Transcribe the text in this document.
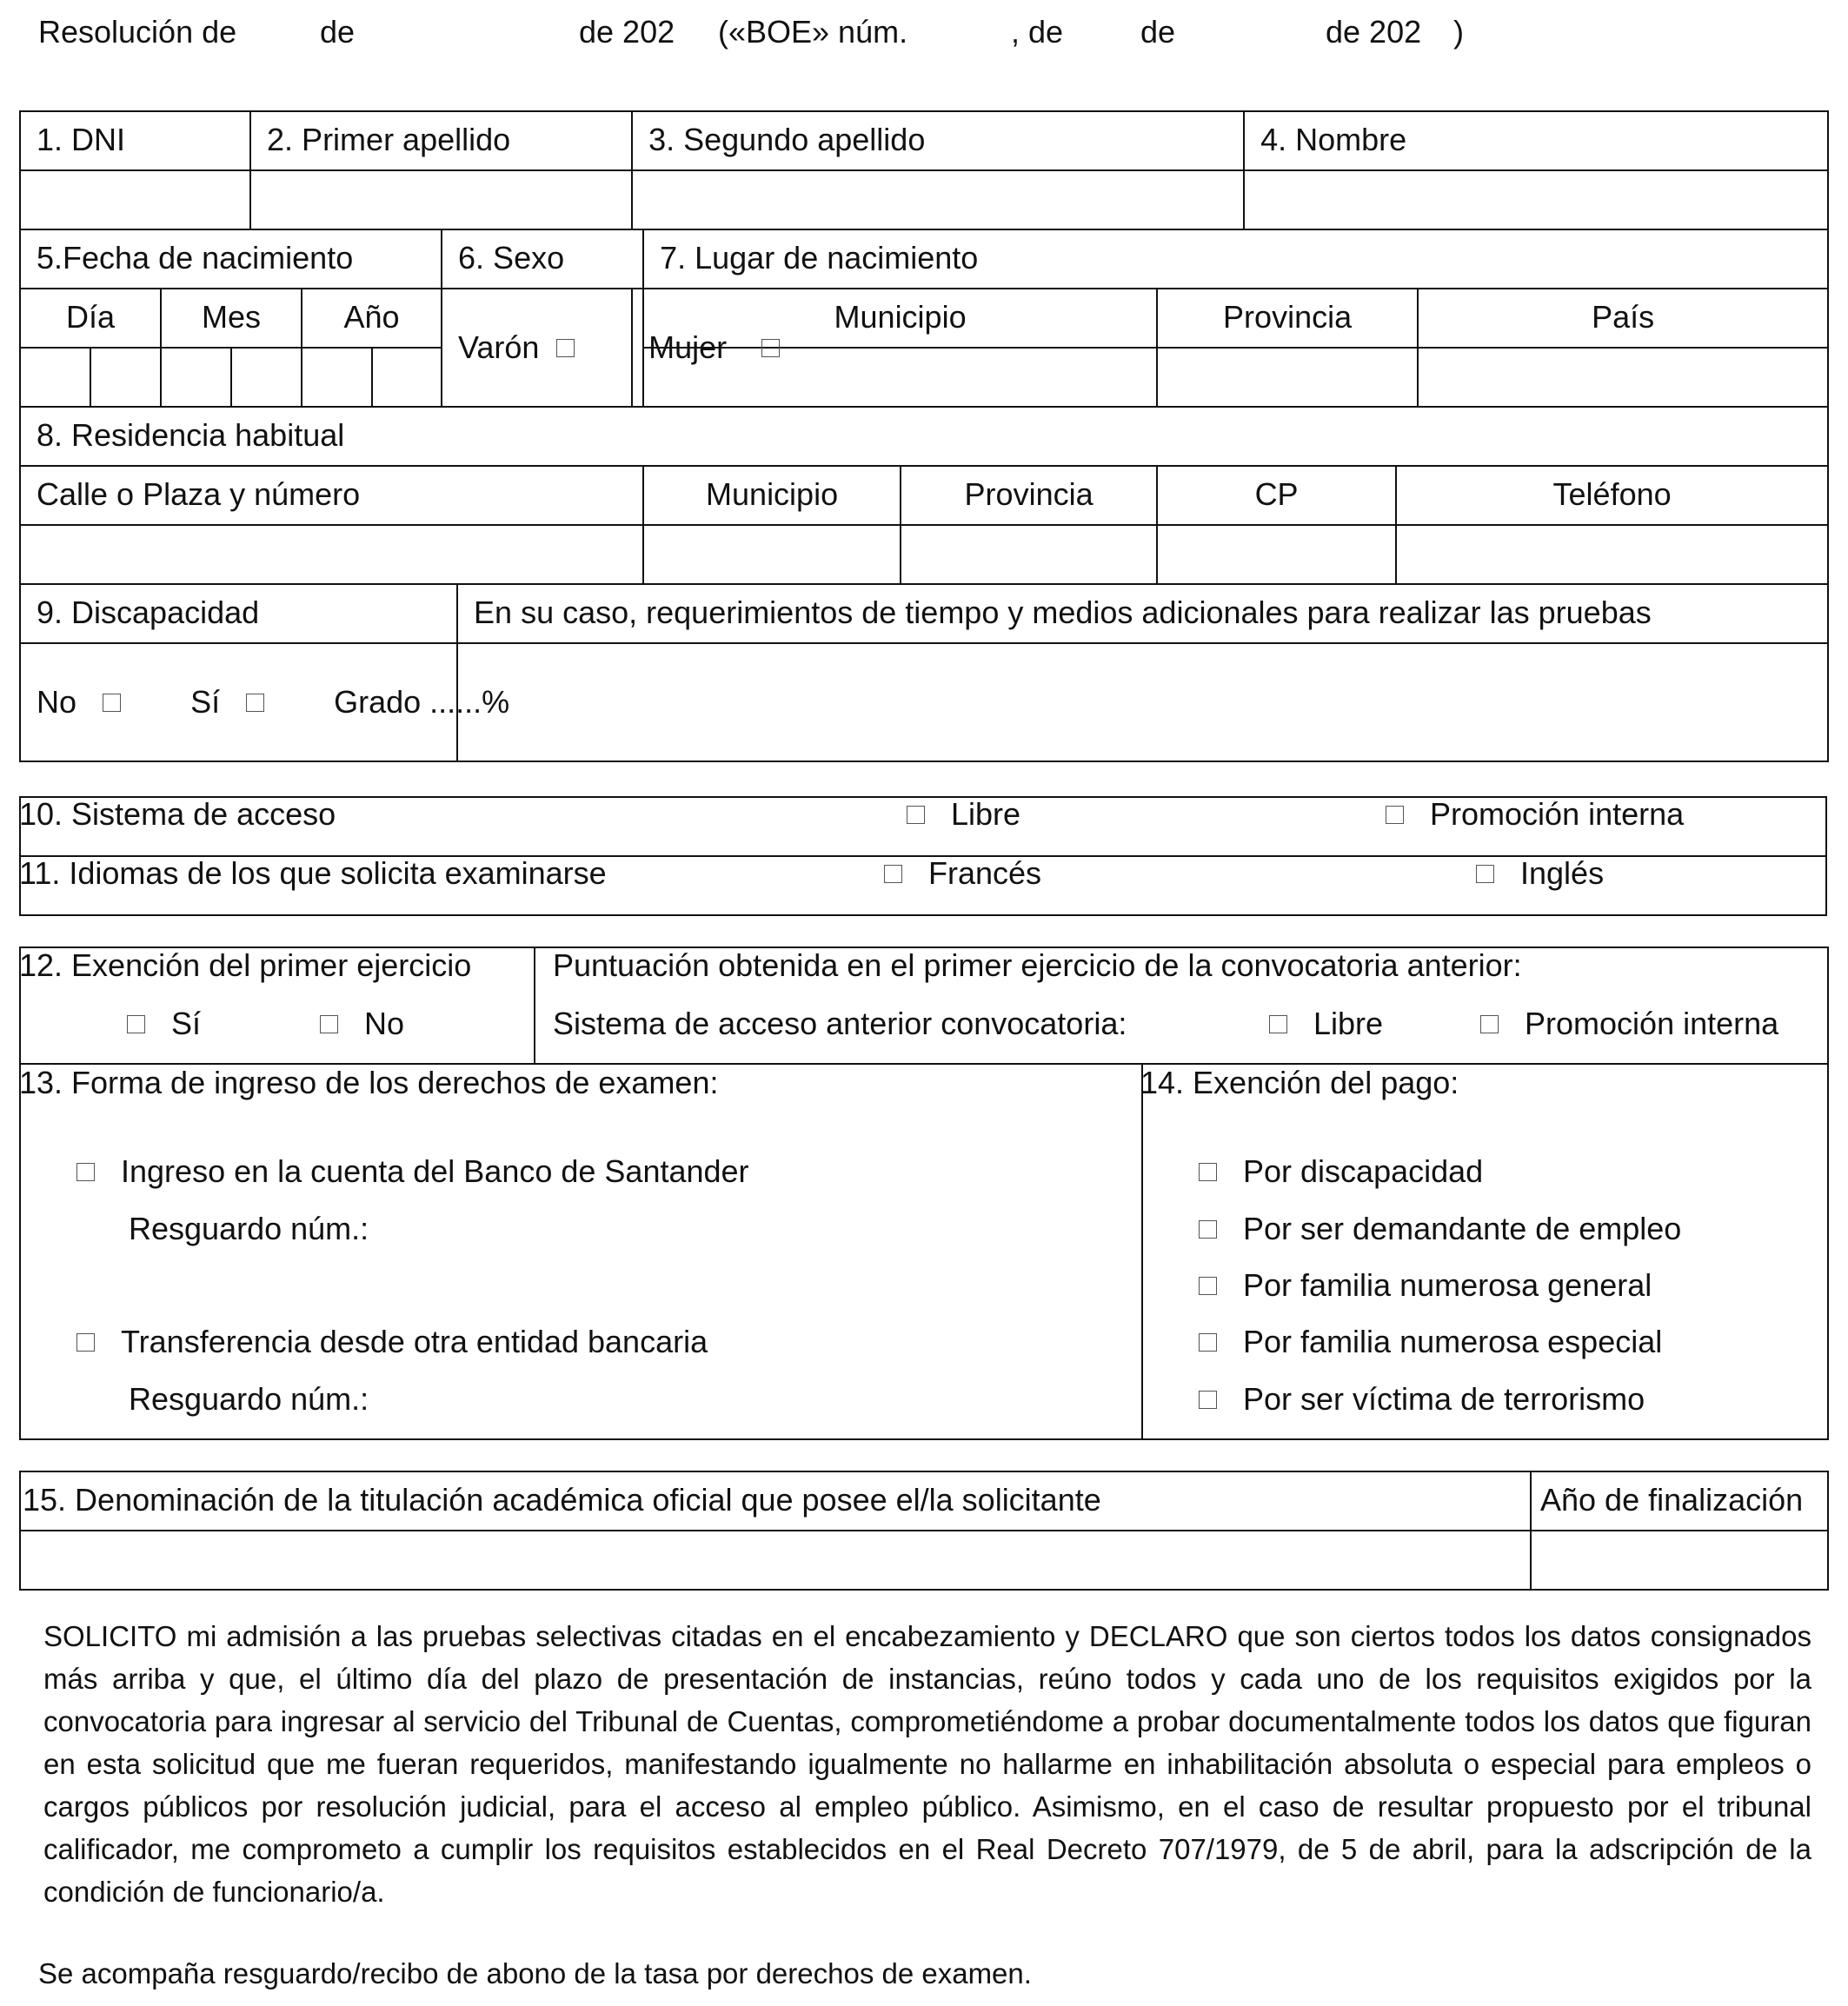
Resolución de	de	de 202 («BOE» núm.	, de de	de 202 )
1. DNI				2. Primer apellido					3. Segundo apellido				4. Nombre		

5.Fecha de nacimiento							6. Sexo			7. Lugar de nacimiento					
Día		Mes			Año		Varón		Mujer	Municipio		Provincia			País

8. Residencia habitual															
Calle o Plaza y número										Municipio	Provincia	CP		Teléfono	

9. Discapacidad								En su caso, requerimientos de tiempo y medios adicionales para realizar las pruebas							
No Sí Grado ......%															

10. Sistema de acceso	Libre	Promoción interna
11. Idiomas de los que solicita examinarse	Francés	Inglés

12. Exención del primer ejercicio
Sí	No
Puntuación obtenida en el primer ejercicio de la convocatoria anterior:
Sistema de acceso anterior convocatoria:	Libre	Promoción interna
13. Forma de ingreso de los derechos de examen:
Ingreso en la cuenta del Banco de Santander
Resguardo núm.:
Transferencia desde otra entidad bancaria
Resguardo núm.:
14. Exención del pago:
Por discapacidad
Por ser demandante de empleo
Por familia numerosa general
Por familia numerosa especial
Por ser víctima de terrorismo
15. Denominación de la titulación académica oficial que posee el/la solicitante	Año de finalización

SOLICITO mi admisión a las pruebas selectivas citadas en el encabezamiento y DECLARO que son ciertos todos los datos consignados más arriba y que, el último día del plazo de presentación de instancias, reúno todos y cada uno de los requisitos exigidos por la convocatoria para ingresar al servicio del Tribunal de Cuentas, comprometiéndome a probar documentalmente todos los datos que figuran en esta solicitud que me fueran requeridos, manifestando igualmente no hallarme en inhabilitación absoluta o especial para empleos o cargos públicos por resolución judicial, para el acceso al empleo público. Asimismo, en el caso de resultar propuesto por el tribunal calificador, me comprometo a cumplir los requisitos establecidos en el Real Decreto 707/1979, de 5 de abril, para la adscripción de la condición de funcionario/a.
Se acompaña resguardo/recibo de abono de la tasa por derechos de examen.
